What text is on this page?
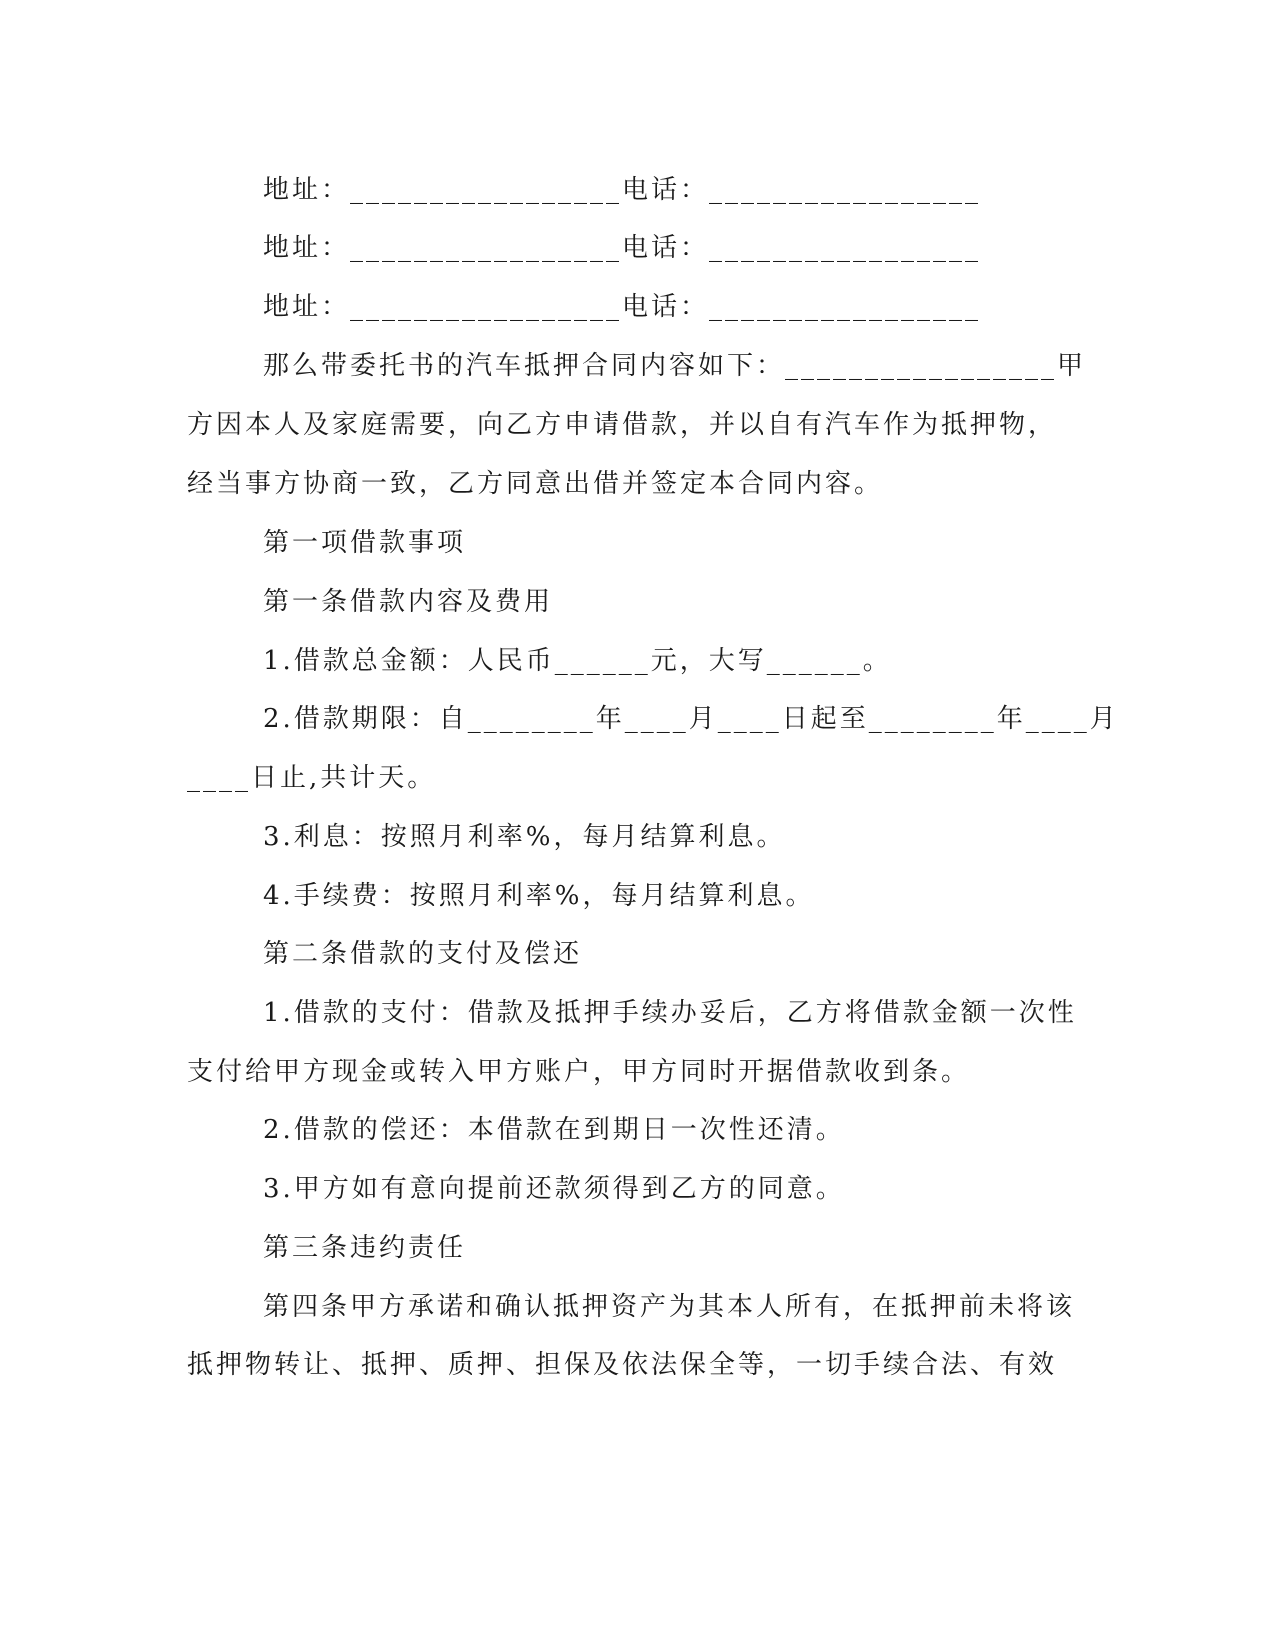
地址：_________________电话：_________________
地址：_________________电话：_________________
地址：_________________电话：_________________
那么带委托书的汽车抵押合同内容如下：_________________甲
方因本人及家庭需要，向乙方申请借款，并以自有汽车作为抵押物，
经当事方协商一致，乙方同意出借并签定本合同内容。
第一项借款事项
第一条借款内容及费用
1.借款总金额：人民币______元，大写______。
2.借款期限：自________年____月____日起至________年____月
____日止,共计天。
3.利息：按照月利率%，每月结算利息。
4.手续费：按照月利率%，每月结算利息。
第二条借款的支付及偿还
1.借款的支付：借款及抵押手续办妥后，乙方将借款金额一次性
支付给甲方现金或转入甲方账户，甲方同时开据借款收到条。
2.借款的偿还：本借款在到期日一次性还清。
3.甲方如有意向提前还款须得到乙方的同意。
第三条违约责任
第四条甲方承诺和确认抵押资产为其本人所有，在抵押前未将该
抵押物转让、抵押、质押、担保及依法保全等，一切手续合法、有效
